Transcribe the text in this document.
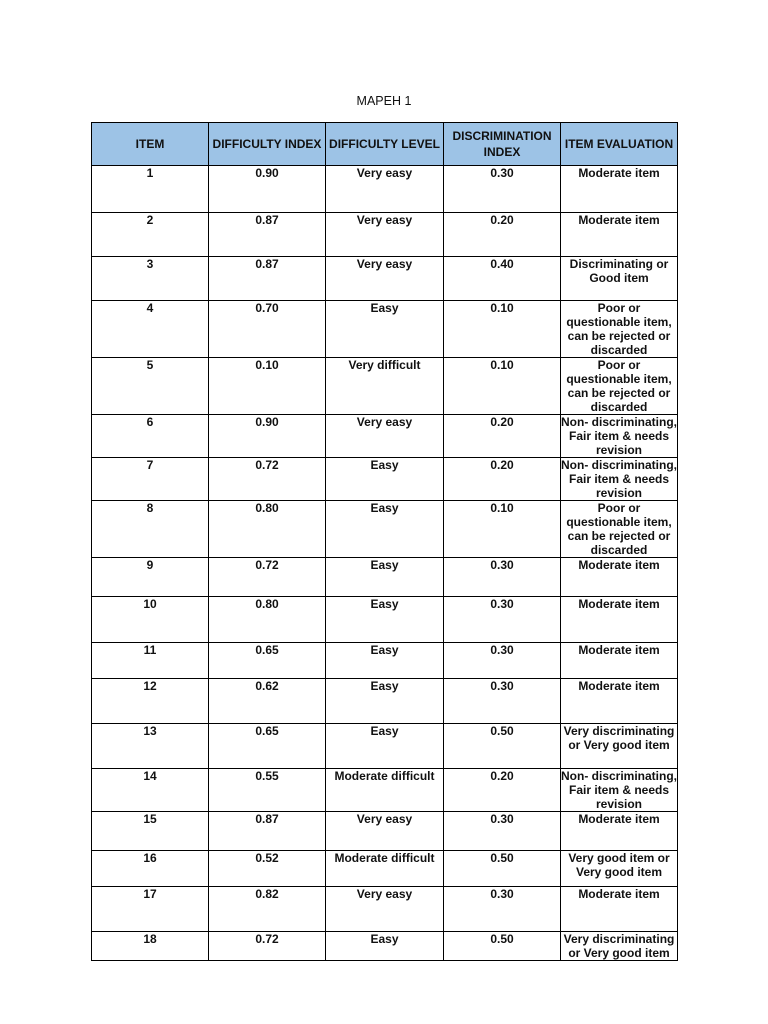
MAPEH 1
ITEM	DIFFICULTY INDEX	DIFFICULTY LEVEL	DISCRIMINATION INDEX	ITEM EVALUATION
1	0.90	Very easy	0.30	Moderate item
2	0.87	Very easy	0.20	Moderate item
3	0.87	Very easy	0.40	Discriminating or Good item
4	0.70	Easy	0.10	Poor or questionable item, can be rejected or discarded
5	0.10	Very difficult	0.10	Poor or questionable item, can be rejected or discarded
6	0.90	Very easy	0.20	Non- discriminating, Fair item & needs revision
7	0.72	Easy	0.20	Non- discriminating, Fair item & needs revision
8	0.80	Easy	0.10	Poor or questionable item, can be rejected or discarded
9	0.72	Easy	0.30	Moderate item
10	0.80	Easy	0.30	Moderate item
11	0.65	Easy	0.30	Moderate item
12	0.62	Easy	0.30	Moderate item
13	0.65	Easy	0.50	Very discriminating or Very good item
14	0.55	Moderate difficult	0.20	Non- discriminating, Fair item & needs revision
15	0.87	Very easy	0.30	Moderate item
16	0.52	Moderate difficult	0.50	Very good item or Very good item
17	0.82	Very easy	0.30	Moderate item
18	0.72	Easy	0.50	Very discriminating or Very good item
